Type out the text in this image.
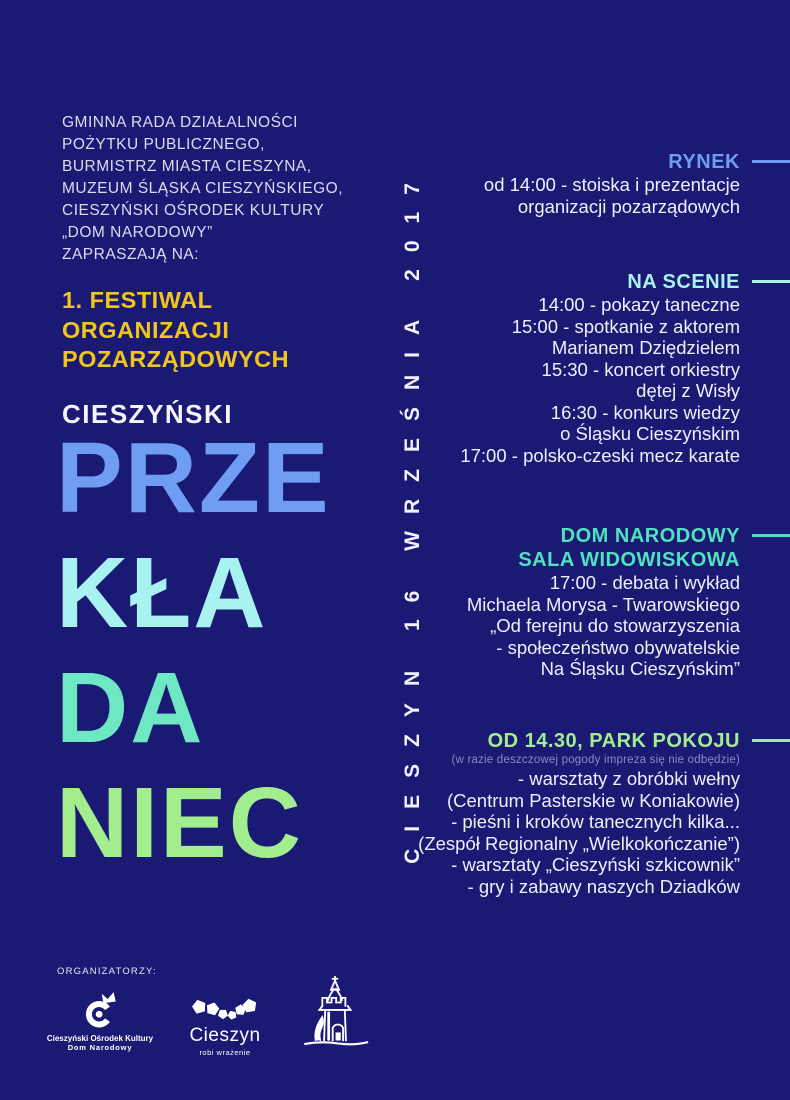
GMINNA RADA DZIAŁALNOŚCI
POŻYTKU PUBLICZNEGO,
BURMISTRZ MIASTA CIESZYNA,
MUZEUM ŚLĄSKA CIESZYŃSKIEGO,
CIESZYŃSKI OŚRODEK KULTURY
„DOM NARODOWY”
ZAPRASZAJĄ NA:
1. FESTIWAL
ORGANIZACJI
POZARZĄDOWYCH
CIESZYŃSKI
PRZE
KŁA
DA
NIEC	CIESZYN 16 WRZEŚNIA 2017
RYNEK
od 14:00 - stoiska i prezentacje
organizacji pozarządowych
NA SCENIE
14:00 - pokazy taneczne
15:00 - spotkanie z aktorem
Marianem Dziędzielem
15:30 - koncert orkiestry
dętej z Wisły
16:30 - konkurs wiedzy
o Śląsku Cieszyńskim
17:00 - polsko-czeski mecz karate
DOM NARODOWY
SALA WIDOWISKOWA
17:00 - debata i wykład
Michaela Morysa - Twarowskiego
„Od ferejnu do stowarzyszenia
- społeczeństwo obywatelskie
Na Śląsku Cieszyńskim”
OD 14.30, PARK POKOJU
(w razie deszczowej pogody impreza się nie odbędzie)
- warsztaty z obróbki wełny
(Centrum Pasterskie w Koniakowie)
- pieśni i kroków tanecznych kilka...
(Zespół Regionalny „Wielkokończanie”)
- warsztaty „Cieszyński szkicownik”
- gry i zabawy naszych Dziadków
ORGANIZATORZY:
Cieszyński Ośrodek Kultury
Dom Narodowy
Cieszyn
robi wrażenie
